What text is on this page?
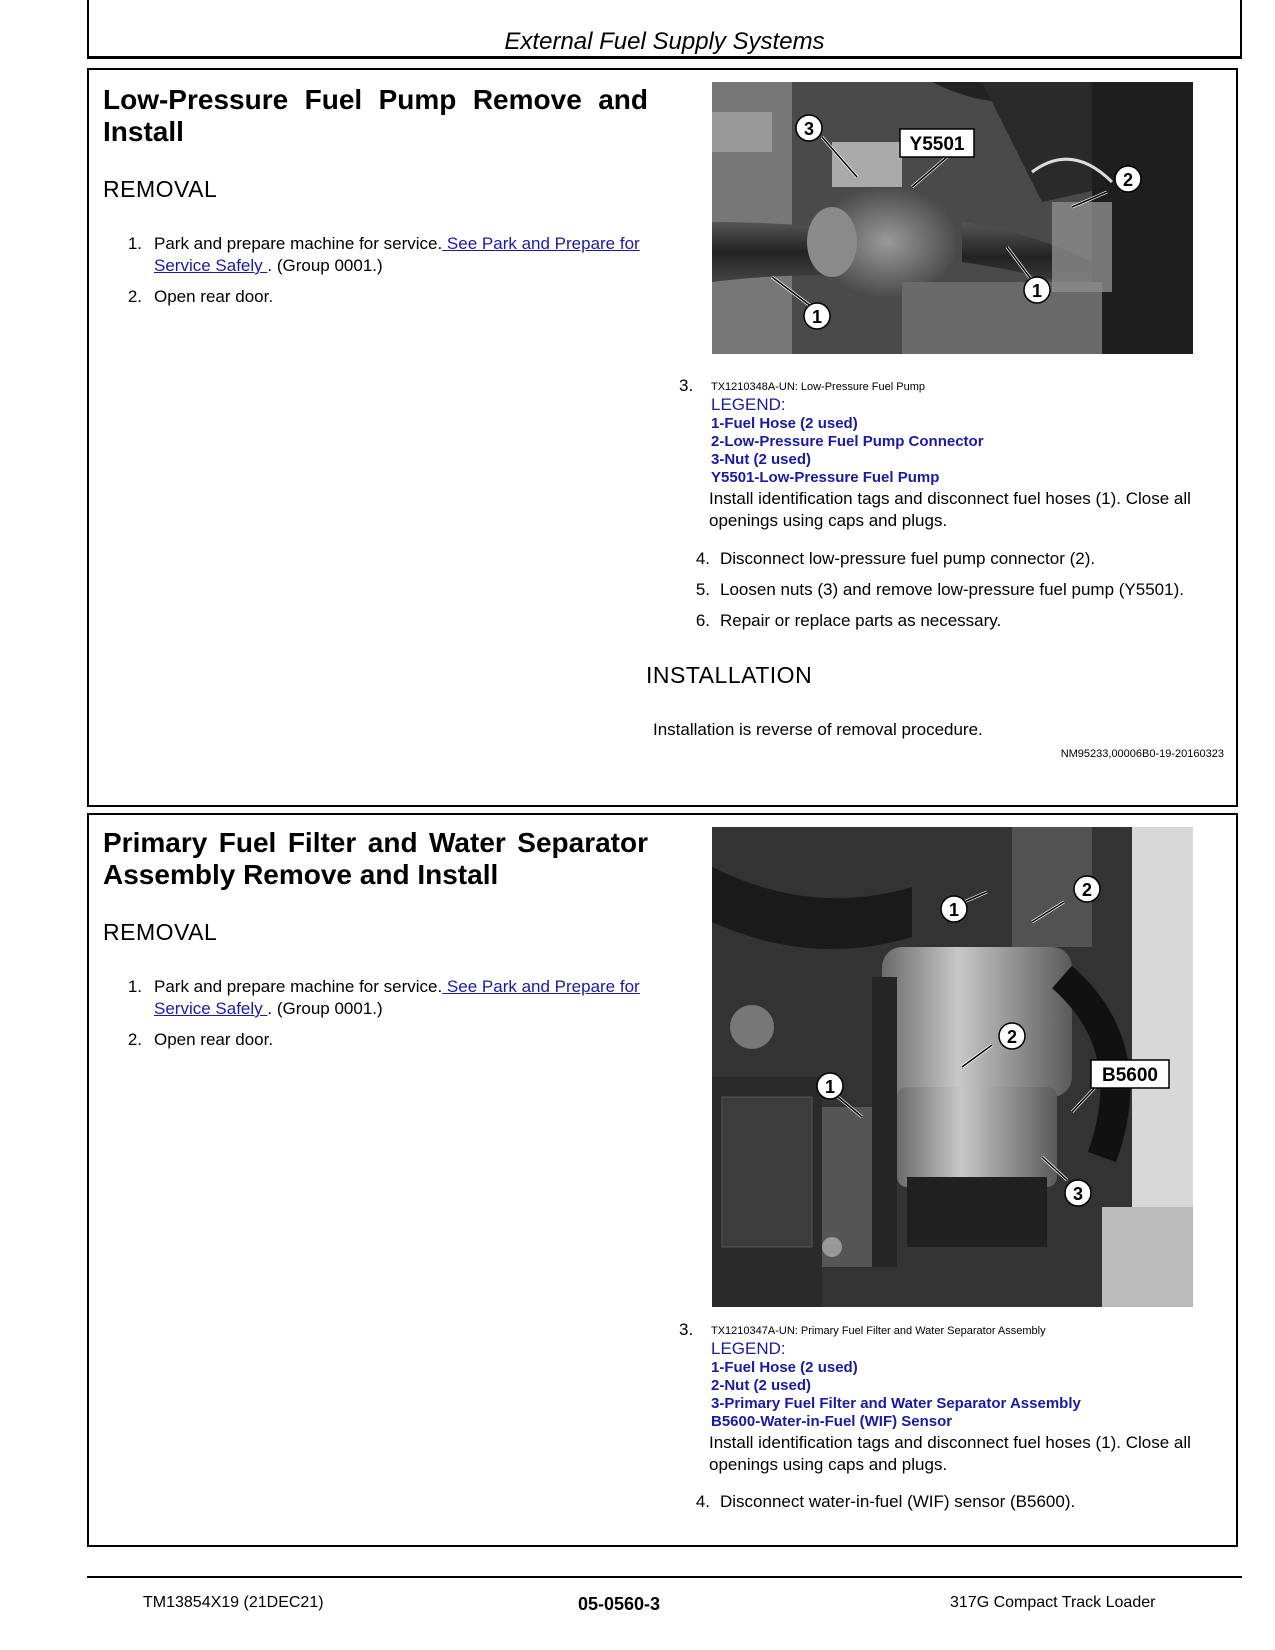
External Fuel Supply Systems
Low-Pressure Fuel Pump Remove and Install
REMOVAL
1. Park and prepare machine for service. See Park and Prepare for Service Safely . (Group 0001.)
2. Open rear door.
Y5501
3
2
1
1
3.	TX1210348A-UN: Low-Pressure Fuel Pump
LEGEND:
1-Fuel Hose (2 used)
2-Low-Pressure Fuel Pump Connector
3-Nut (2 used)
Y5501-Low-Pressure Fuel Pump
Install identification tags and disconnect fuel hoses (1). Close all openings using caps and plugs.
4. Disconnect low-pressure fuel pump connector (2).
5. Loosen nuts (3) and remove low-pressure fuel pump (Y5501).
6. Repair or replace parts as necessary.
INSTALLATION
Installation is reverse of removal procedure.
NM95233,00006B0-19-20160323
Primary Fuel Filter and Water Separator Assembly Remove and Install
REMOVAL
1. Park and prepare machine for service. See Park and Prepare for Service Safely . (Group 0001.)
2. Open rear door.
B5600
1
2
2
1
3
3.	TX1210347A-UN: Primary Fuel Filter and Water Separator Assembly
LEGEND:
1-Fuel Hose (2 used)
2-Nut (2 used)
3-Primary Fuel Filter and Water Separator Assembly
B5600-Water-in-Fuel (WIF) Sensor
Install identification tags and disconnect fuel hoses (1). Close all openings using caps and plugs.
4. Disconnect water-in-fuel (WIF) sensor (B5600).
TM13854X19 (21DEC21)	05-0560-3	317G Compact Track Loader
